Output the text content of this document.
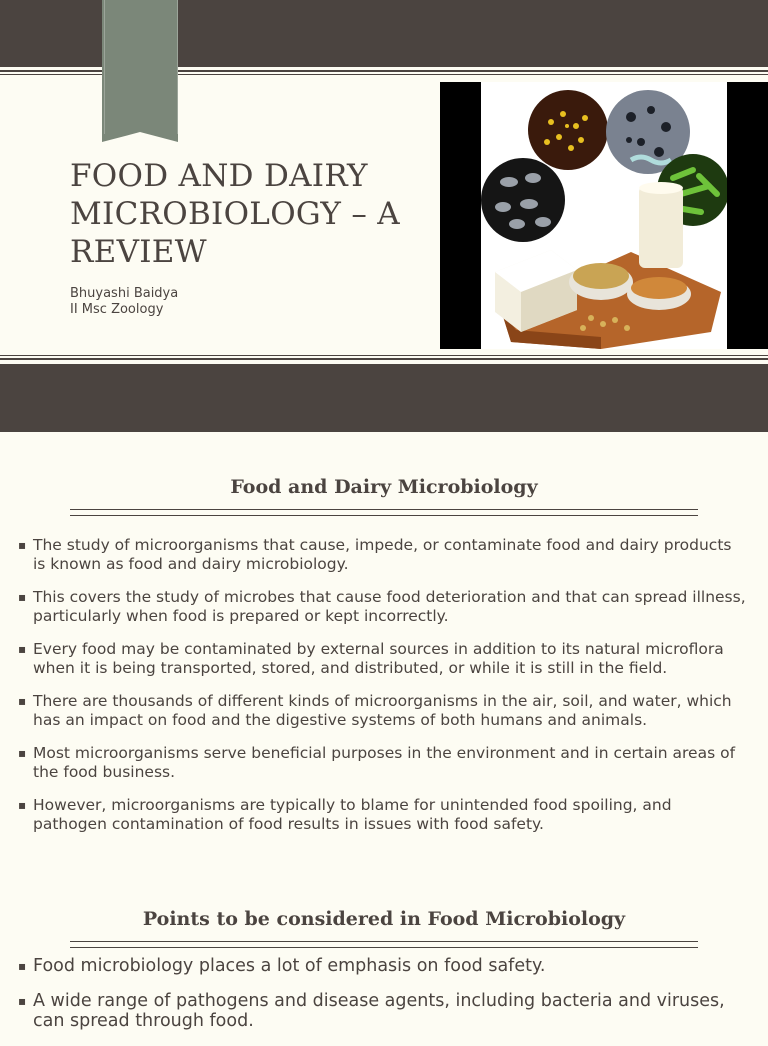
FOOD AND DAIRY MICROBIOLOGY – A REVIEW
Bhuyashi Baidya
II Msc Zoology
Food and Dairy Microbiology
▪ The study of microorganisms that cause, impede, or contaminate food and dairy products is known as food and dairy microbiology.
▪ This covers the study of microbes that cause food deterioration and that can spread illness, particularly when food is prepared or kept incorrectly.
▪ Every food may be contaminated by external sources in addition to its natural microflora when it is being transported, stored, and distributed, or while it is still in the field.
▪ There are thousands of different kinds of microorganisms in the air, soil, and water, which has an impact on food and the digestive systems of both humans and animals.
▪ Most microorganisms serve beneficial purposes in the environment and in certain areas of the food business.
▪ However, microorganisms are typically to blame for unintended food spoiling, and pathogen contamination of food results in issues with food safety.
Points to be considered in Food Microbiology
▪ Food microbiology places a lot of emphasis on food safety.
▪ A wide range of pathogens and disease agents, including bacteria and viruses, can spread through food.
